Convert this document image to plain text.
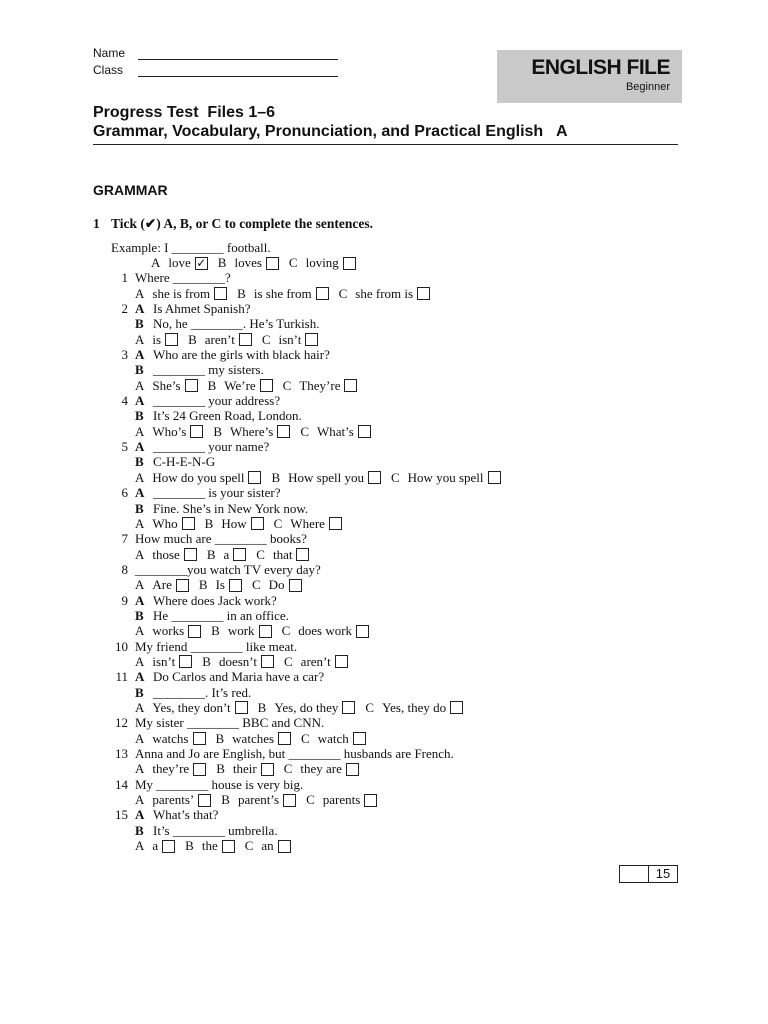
Name
Class	ENGLISH FILE
Beginner
Progress Test  Files 1–6
Grammar, Vocabulary, Pronunciation, and Practical English   A
GRAMMAR
1 Tick (✔) A, B, or C to complete the sentences.
Example: I ________ football.
A love ✓ B loves C loving
1 Where ________?
A she is from B is she from C she from is
2 A Is Ahmet Spanish?
B No, he ________. He’s Turkish.
A is B aren’t C isn’t
3 A Who are the girls with black hair?
B ________ my sisters.
A She’s B We’re C They’re
4 A ________ your address?
B It’s 24 Green Road, London.
A Who’s B Where’s C What’s
5 A ________ your name?
B C-H-E-N-G
A How do you spell B How spell you C How you spell
6 A ________ is your sister?
B Fine. She’s in New York now.
A Who B How C Where
7 How much are ________ books?
A those B a C that
8 ________you watch TV every day?
A Are B Is C Do
9 A Where does Jack work?
B He ________ in an office.
A works B work C does work
10 My friend ________ like meat.
A isn’t B doesn’t C aren’t
11 A Do Carlos and Maria have a car?
B ________. It’s red.
A Yes, they don’t B Yes, do they C Yes, they do
12 My sister ________ BBC and CNN.
A watchs B watches C watch
13 Anna and Jo are English, but ________ husbands are French.
A they’re B their C they are
14 My ________ house is very big.
A parents’ B parent’s C parents
15 A What’s that?
B It’s ________ umbrella.
A a B the C an
15
